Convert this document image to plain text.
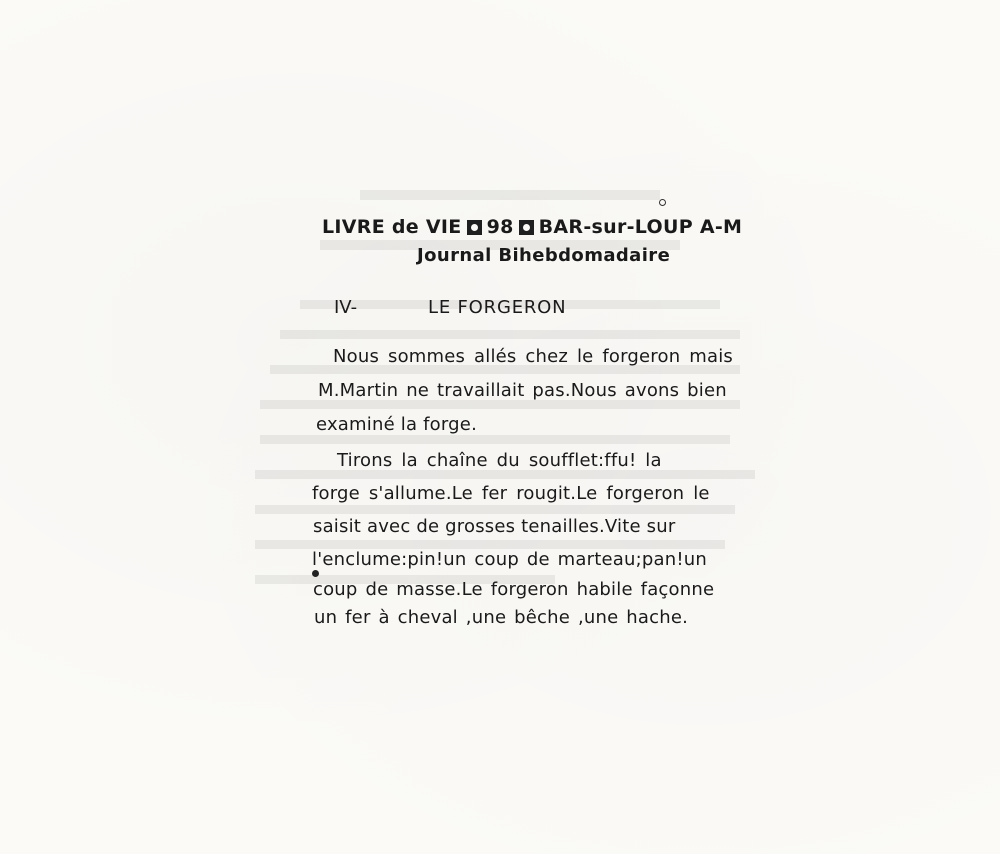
LIVRE de VIE 98 BAR-sur-LOUP A-M
Journal Bihebdomadaire
IV-	LE FORGERON
Nous sommes allés chez le forgeron mais
M.Martin ne travaillait pas.Nous avons bien
examiné la forge.
Tirons la chaîne du soufflet:ffu! la
forge s'allume.Le fer rougit.Le forgeron le
saisit avec de grosses tenailles.Vite sur
l'enclume:pin!un coup de marteau;pan!un
coup de masse.Le forgeron habile façonne
un fer à cheval ,une bêche ,une hache.
